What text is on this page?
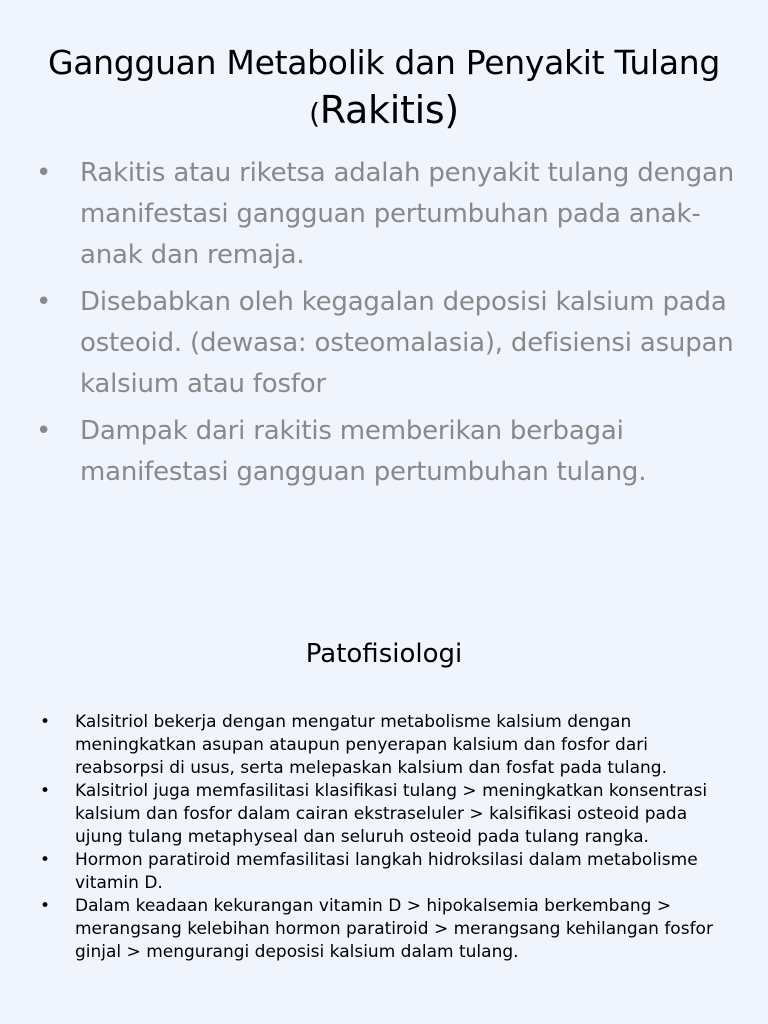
Gangguan Metabolik dan Penyakit Tulang
(Rakitis)
• Rakitis atau riketsa adalah penyakit tulang dengan manifestasi gangguan pertumbuhan pada anak-anak dan remaja.
• Disebabkan oleh kegagalan deposisi kalsium pada osteoid. (dewasa: osteomalasia), defisiensi asupan kalsium atau fosfor
• Dampak dari rakitis memberikan berbagai manifestasi gangguan pertumbuhan tulang.
Patofisiologi
• Kalsitriol bekerja dengan mengatur metabolisme kalsium dengan meningkatkan asupan ataupun penyerapan kalsium dan fosfor dari reabsorpsi di usus, serta melepaskan kalsium dan fosfat pada tulang.
• Kalsitriol juga memfasilitasi klasifikasi tulang > meningkatkan konsentrasi kalsium dan fosfor dalam cairan ekstraseluler > kalsifikasi osteoid pada ujung tulang metaphyseal dan seluruh osteoid pada tulang rangka.
• Hormon paratiroid memfasilitasi langkah hidroksilasi dalam metabolisme vitamin D.
• Dalam keadaan kekurangan vitamin D > hipokalsemia berkembang > merangsang kelebihan hormon paratiroid > merangsang kehilangan fosfor ginjal > mengurangi deposisi kalsium dalam tulang.
